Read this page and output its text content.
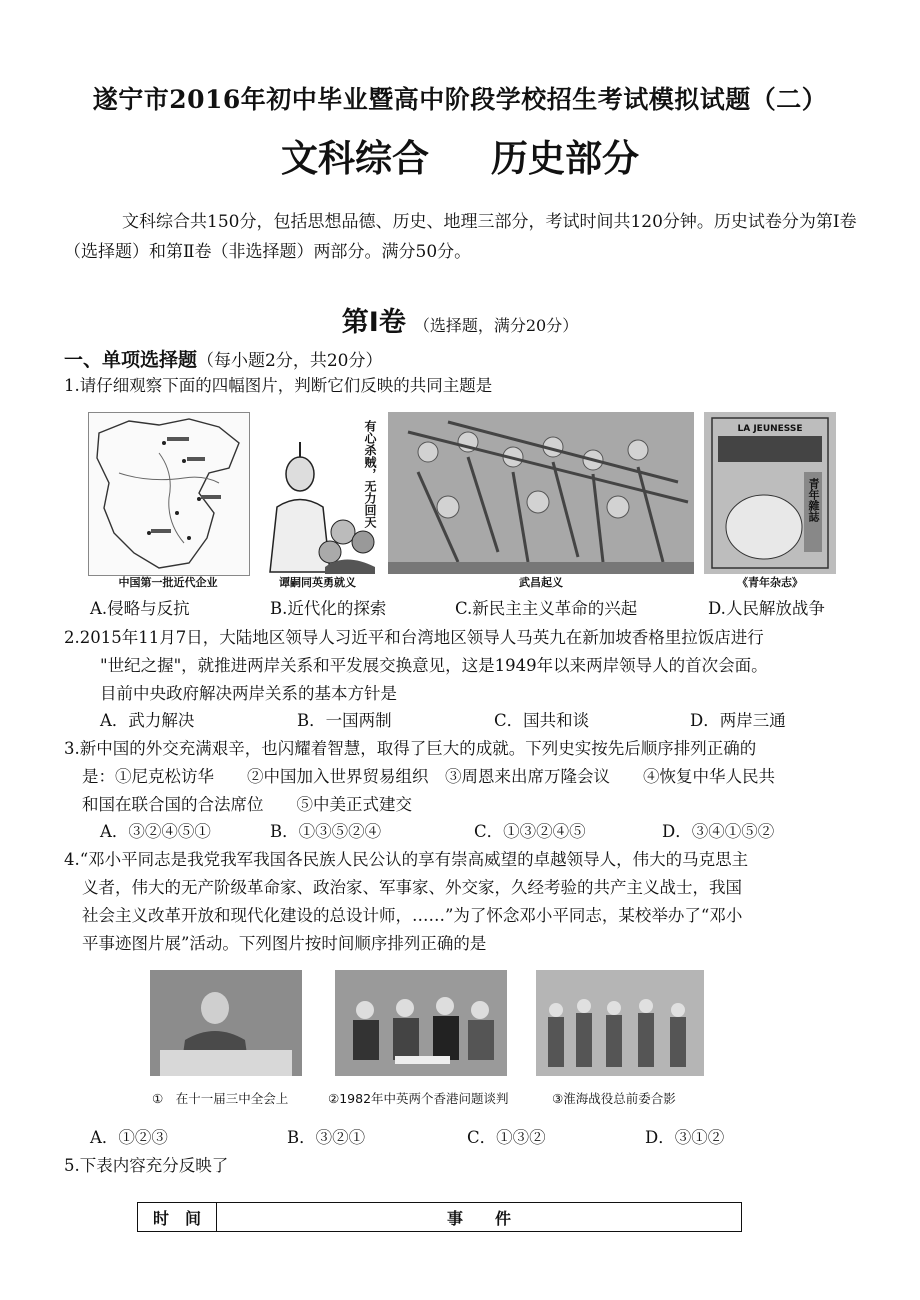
遂宁市2016年初中毕业暨高中阶段学校招生考试模拟试题（二）
文科综合 历史部分
文科综合共150分，包括思想品德、历史、地理三部分，考试时间共120分钟。历史试卷分为第Ⅰ卷（选择题）和第Ⅱ卷（非选择题）两部分。满分50分。
第Ⅰ卷 （选择题，满分20分）
一、单项选择题（每小题2分，共20分）
1.请仔细观察下面的四幅图片，判断它们反映的共同主题是
中国第一批近代企业
有心杀贼，无力回天
谭嗣同英勇就义	武昌起义
LA JEUNESSE
青年雜誌
《青年杂志》
A.侵略与反抗	B.近代化的探索	C.新民主主义革命的兴起	D.人民解放战争
2.2015年11月7日，大陆地区领导人习近平和台湾地区领导人马英九在新加坡香格里拉饭店进行
"世纪之握"，就推进两岸关系和平发展交换意见，这是1949年以来两岸领导人的首次会面。
目前中央政府解决两岸关系的基本方针是
A．武力解决	B．一国两制	C．国共和谈	D．两岸三通
3.新中国的外交充满艰辛，也闪耀着智慧，取得了巨大的成就。下列史实按先后顺序排列正确的
是：①尼克松访华　　②中国加入世界贸易组织　③周恩来出席万隆会议　　④恢复中华人民共
和国在联合国的合法席位　　⑤中美正式建交
A．③②④⑤①	B．①③⑤②④	C．①③②④⑤	D．③④①⑤②
4.“邓小平同志是我党我军我国各民族人民公认的享有崇高威望的卓越领导人，伟大的马克思主
义者，伟大的无产阶级革命家、政治家、军事家、外交家，久经考验的共产主义战士，我国
社会主义改革开放和现代化建设的总设计师，……”为了怀念邓小平同志，某校举办了“邓小
平事迹图片展”活动。下列图片按时间顺序排列正确的是
①　在十一届三中全会上	②1982年中英两个香港问题谈判	③淮海战役总前委合影
A．①②③	B．③②①	C．①③②	D．③①②
5.下表内容充分反映了
时　间	事　　件
